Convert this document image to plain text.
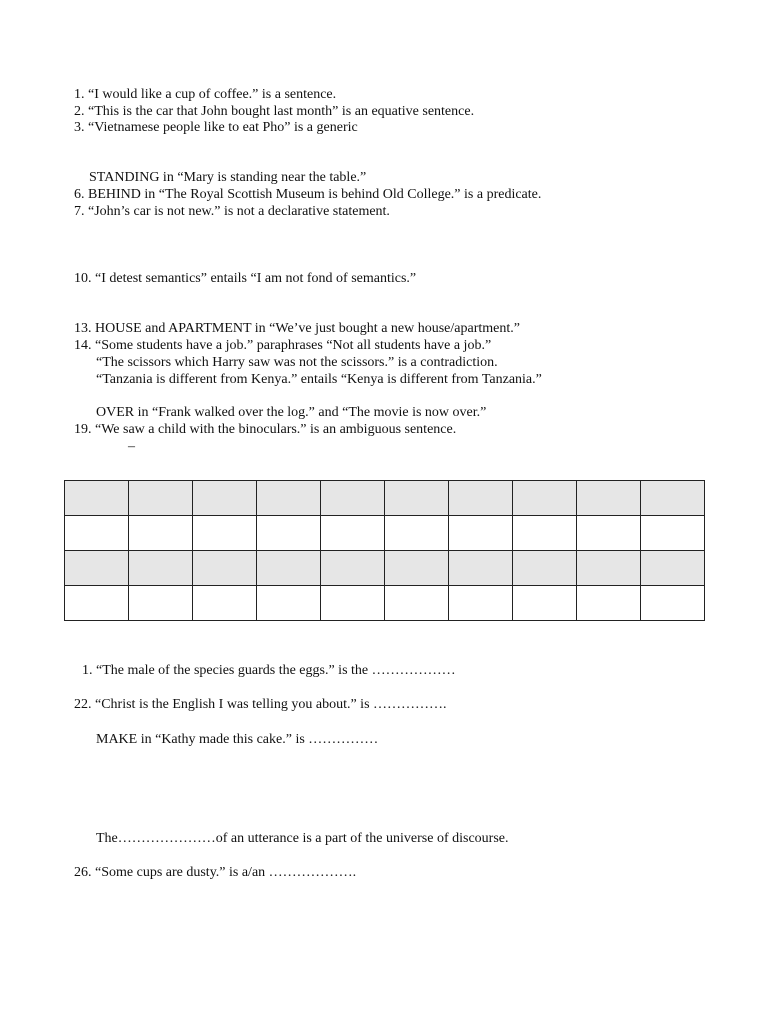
1. “I would like a cup of coffee.” is a sentence.
2. “This is the car that John bought last month” is an equative sentence.
3. “Vietnamese people like to eat Pho” is a generic
STANDING in “Mary is standing near the table.”
6. BEHIND in “The Royal Scottish Museum is behind Old College.” is a predicate.
7. “John’s car is not new.” is not a declarative statement.
10. “I detest semantics” entails “I am not fond of semantics.”
13. HOUSE and APARTMENT in “We’ve just bought a new house/apartment.”
14. “Some students have a job.” paraphrases “Not all students have a job.”
“The scissors which Harry saw was not the scissors.” is a contradiction.
“Tanzania is different from Kenya.” entails “Kenya is different from Tanzania.”
OVER in “Frank walked over the log.” and “The movie is now over.”
19. “We saw a child with the binoculars.” is an ambiguous sentence.
–

1. “The male of the species guards the eggs.” is the ………………
22. “Christ is the English I was telling you about.” is …………….
MAKE in “Kathy made this cake.” is ……………
The…………………of an utterance is a part of the universe of discourse.
26. “Some cups are dusty.” is a/an ……………….
